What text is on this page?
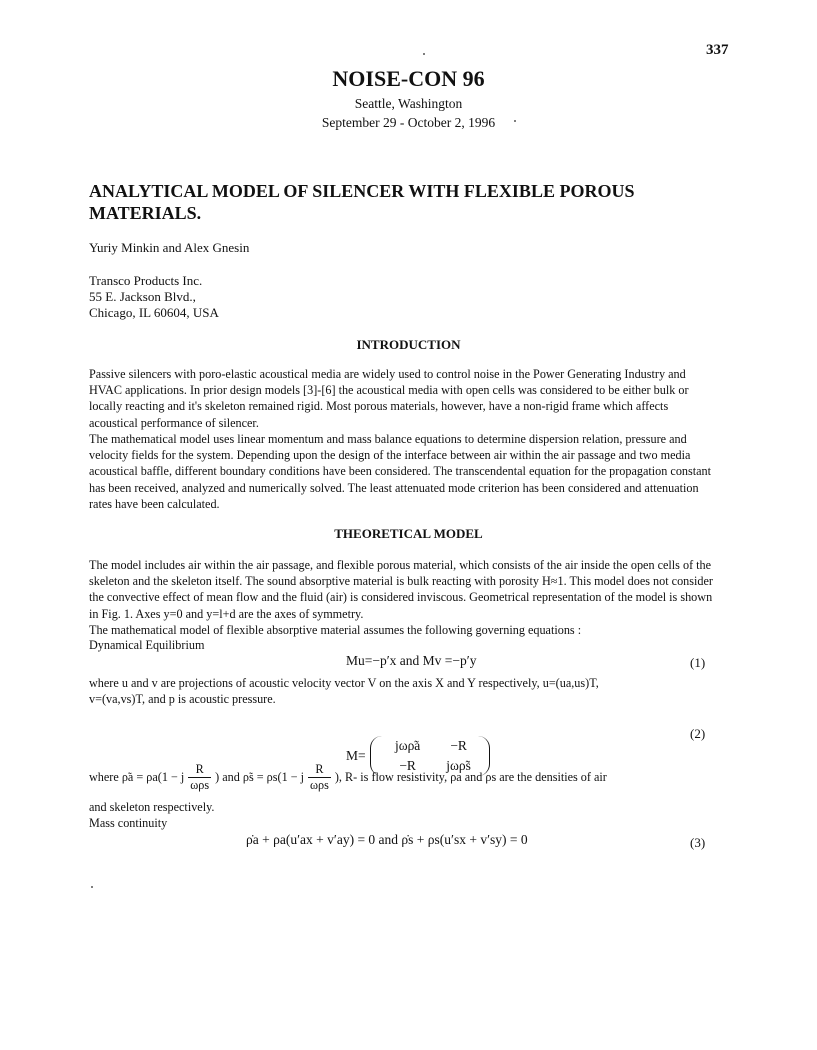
337
NOISE-CON 96
Seattle, Washington
September 29 - October 2, 1996
ANALYTICAL MODEL OF SILENCER WITH FLEXIBLE POROUS MATERIALS.
Yuriy Minkin and Alex Gnesin
Transco Products Inc.
55 E. Jackson Blvd.,
Chicago, IL 60604, USA
INTRODUCTION
Passive silencers with poro-elastic acoustical media are widely used to control noise in the Power Generating Industry and HVAC applications. In prior design models [3]-[6] the acoustical media with open cells was considered to be either bulk or locally reacting and it's skeleton remained rigid. Most porous materials, however, have a non-rigid frame which affects acoustical performance of silencer.
The mathematical model uses linear momentum and mass balance equations to determine dispersion relation, pressure and velocity fields for the system. Depending upon the design of the interface between air within the air passage and two media acoustical baffle, different boundary conditions have been considered. The transcendental equation for the propagation constant has been received, analyzed and numerically solved. The least attenuated mode criterion has been considered and attenuation rates have been calculated.
THEORETICAL MODEL
The model includes air within the air passage, and flexible porous material, which consists of the air inside the open cells of the skeleton and the skeleton itself. The sound absorptive material is bulk reacting with porosity H≈1. This model does not consider the convective effect of mean flow and the fluid (air) is considered inviscous. Geometrical representation of the model is shown in Fig. 1. Axes y=0 and y=l+d are the axes of symmetry.
The mathematical model of flexible absorptive material assumes the following governing equations :
Dynamical Equilibrium
Mu=−p′x and Mv =−p′y	(1)
where u and v are projections of acoustic velocity vector V on the axis X and Y respectively, u=(ua,us)T,
v=(va,vs)T, and p is acoustic pressure.
M=
jωρ̃a	−R
−R	jωρ̃s
(2)
where ρ̃a = ρa(1 − j $\frac{R}{\text{ωρs}}$ ) and ρ̃s = ρs(1 − j $\frac{R}{\text{ωρs}}$ ), R- is flow resistivity, ρa and ρs are the densities of air
and skeleton respectively.
Mass continuity
ρ̇a + ρa(u′ax + v′ay) = 0 and ρ̇s + ρs(u′sx + v′sy) = 0	(3)
